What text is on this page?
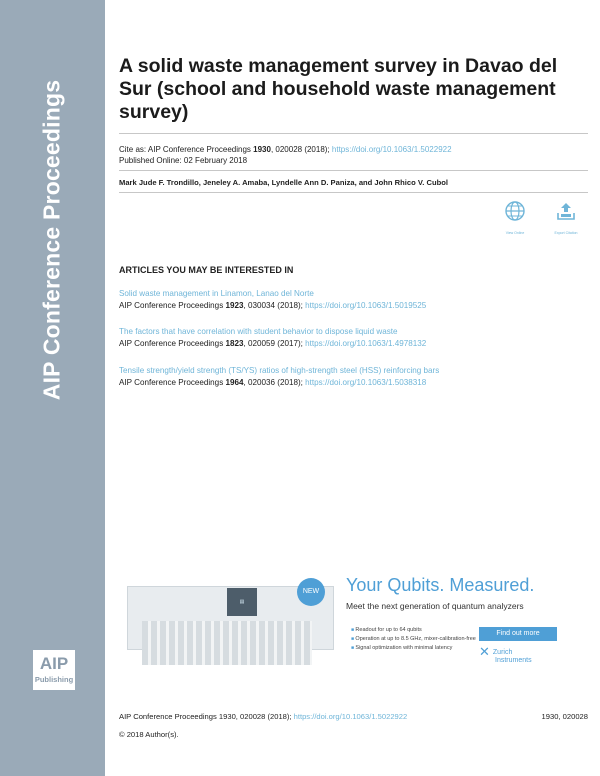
AIP Conference Proceedings
AIP
Publishing
A solid waste management survey in Davao del Sur (school and household waste management survey)
Cite as: AIP Conference Proceedings 1930, 020028 (2018); https://doi.org/10.1063/1.5022922
Published Online: 02 February 2018
Mark Jude F. Trondillo, Jeneley A. Amaba, Lyndelle Ann D. Paniza, and John Rhico V. Cubol
View Online	Export Citation
ARTICLES YOU MAY BE INTERESTED IN
Solid waste management in Linamon, Lanao del Norte
AIP Conference Proceedings 1923, 030034 (2018); https://doi.org/10.1063/1.5019525
The factors that have correlation with student behavior to dispose liquid waste
AIP Conference Proceedings 1823, 020059 (2017); https://doi.org/10.1063/1.4978132
Tensile strength/yield strength (TS/YS) ratios of high-strength steel (HSS) reinforcing bars
AIP Conference Proceedings 1964, 020036 (2018); https://doi.org/10.1063/1.5038318
▤
NEW	Your Qubits. Measured.
Meet the next generation of quantum analyzers
■ Readout for up to 64 qubits
■ Operation at up to 8.5 GHz, mixer-calibration-free
■ Signal optimization with minimal latency
Find out more
✕ Zurich
Instruments
AIP Conference Proceedings 1930, 020028 (2018); https://doi.org/10.1063/1.5022922	1930, 020028
© 2018 Author(s).
